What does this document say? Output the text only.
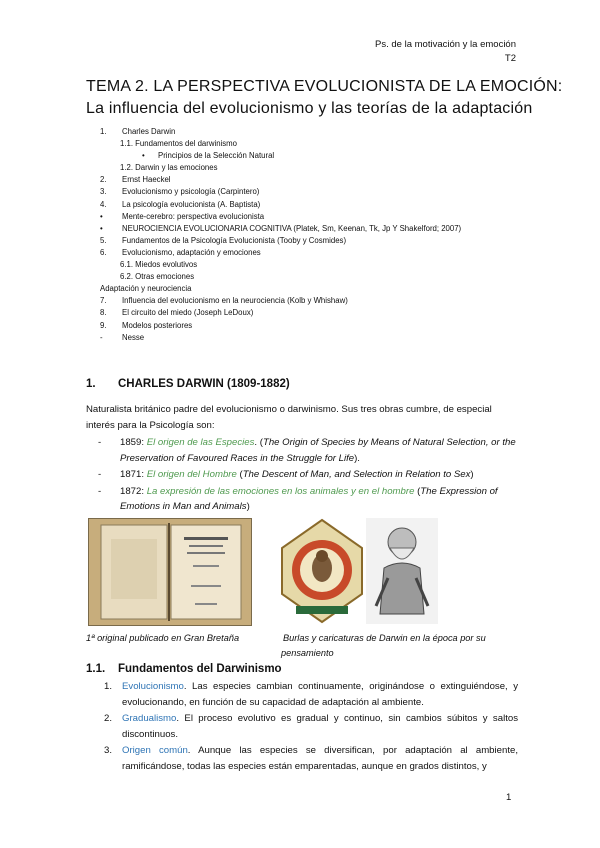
Ps. de la motivación y la emoción
T2
TEMA 2. LA PERSPECTIVA EVOLUCIONISTA DE LA EMOCIÓN:
La influencia del evolucionismo y las teorías de la adaptación
1. Charles Darwin
1.1. Fundamentos del darwinismo
• Principios de la Selección Natural
1.2. Darwin y las emociones
2. Ernst Haeckel
3. Evolucionismo y psicología (Carpintero)
4. La psicología evolucionista (A. Baptista)
• Mente-cerebro: perspectiva evolucionista
• NEUROCIENCIA EVOLUCIONARIA COGNITIVA (Platek, Sm, Keenan, Tk, Jp Y Shakelford; 2007)
5. Fundamentos de la Psicología Evolucionista (Tooby y Cosmides)
6. Evolucionismo, adaptación y emociones
6.1. Miedos evolutivos
6.2. Otras emociones
Adaptación y neurociencia
7. Influencia del evolucionismo en la neurociencia (Kolb y Whishaw)
8. El circuito del miedo (Joseph LeDoux)
9. Modelos posteriores
- Nesse
1. CHARLES DARWIN (1809-1882)
Naturalista británico padre del evolucionismo o darwinismo. Sus tres obras cumbre, de especial interés para la Psicología son:
- 1859: El origen de las Especies. (The Origin of Species by Means of Natural Selection, or the Preservation of Favoured Races in the Struggle for Life).
- 1871: El origen del Hombre (The Descent of Man, and Selection in Relation to Sex)
- 1872: La expresión de las emociones en los animales y en el hombre (The Expression of Emotions in Man and Animals)
1ª original publicado en Gran Bretaña	Burlas y caricaturas de Darwin en la época por su pensamiento
1.1. Fundamentos del Darwinismo
1. Evolucionismo. Las especies cambian continuamente, originándose o extinguiéndose, y evolucionando, en función de su capacidad de adaptación al ambiente.
2. Gradualismo. El proceso evolutivo es gradual y continuo, sin cambios súbitos y saltos discontinuos.
3. Origen común. Aunque las especies se diversifican, por adaptación al ambiente, ramificándose, todas las especies están emparentadas, aunque en grados distintos, y
1
